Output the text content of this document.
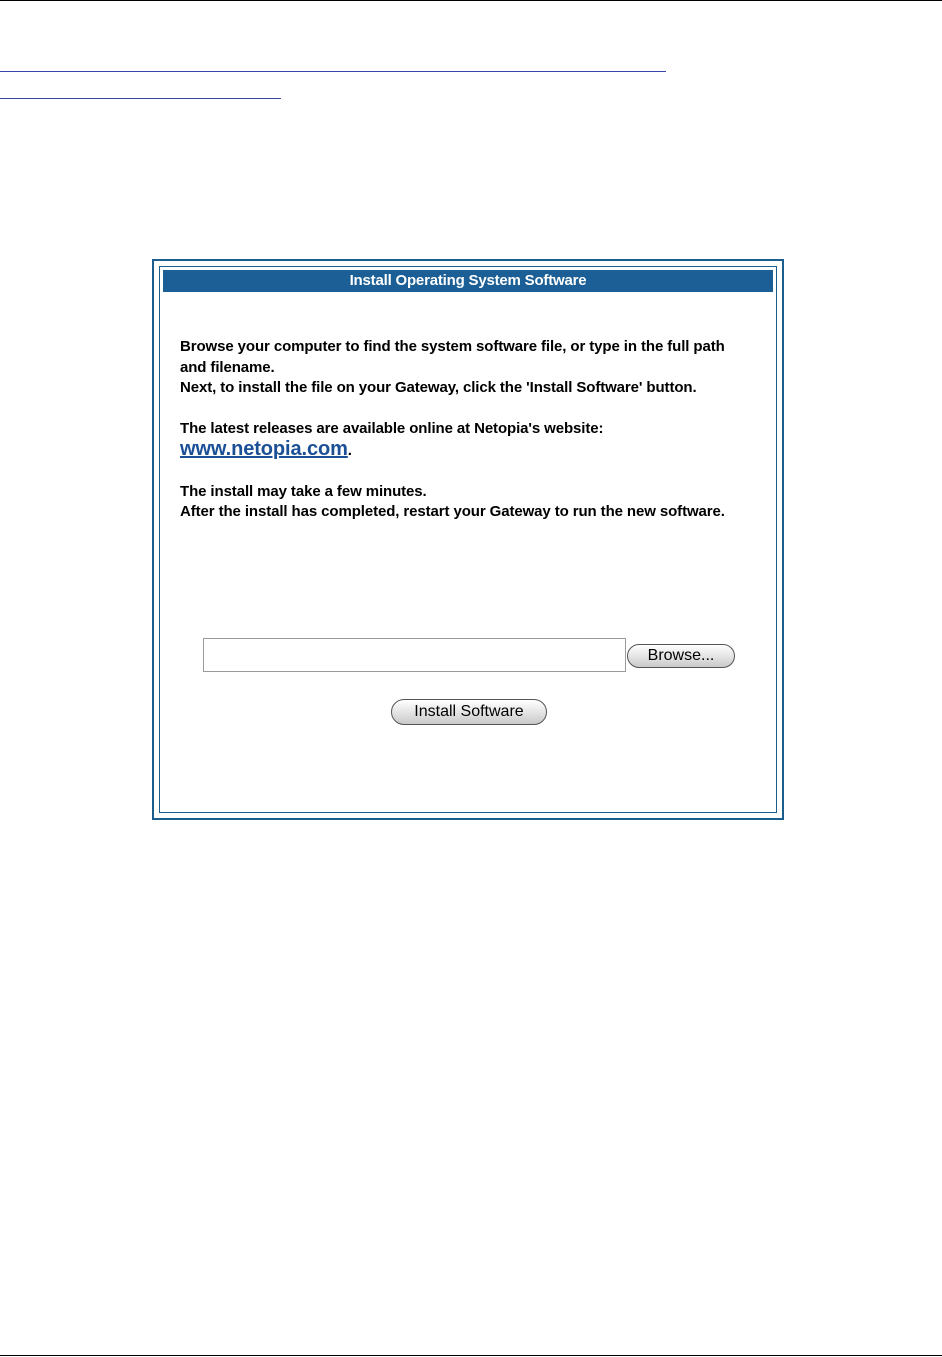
Install Operating System Software

Browse your computer to find the system software file, or type in the full path and filename.
Next, to install the file on your Gateway, click the 'Install Software' button.

The latest releases are available online at Netopia's website:
www.netopia.com.

The install may take a few minutes.
After the install has completed, restart your Gateway to run the new software.

Browse...
Install Software
